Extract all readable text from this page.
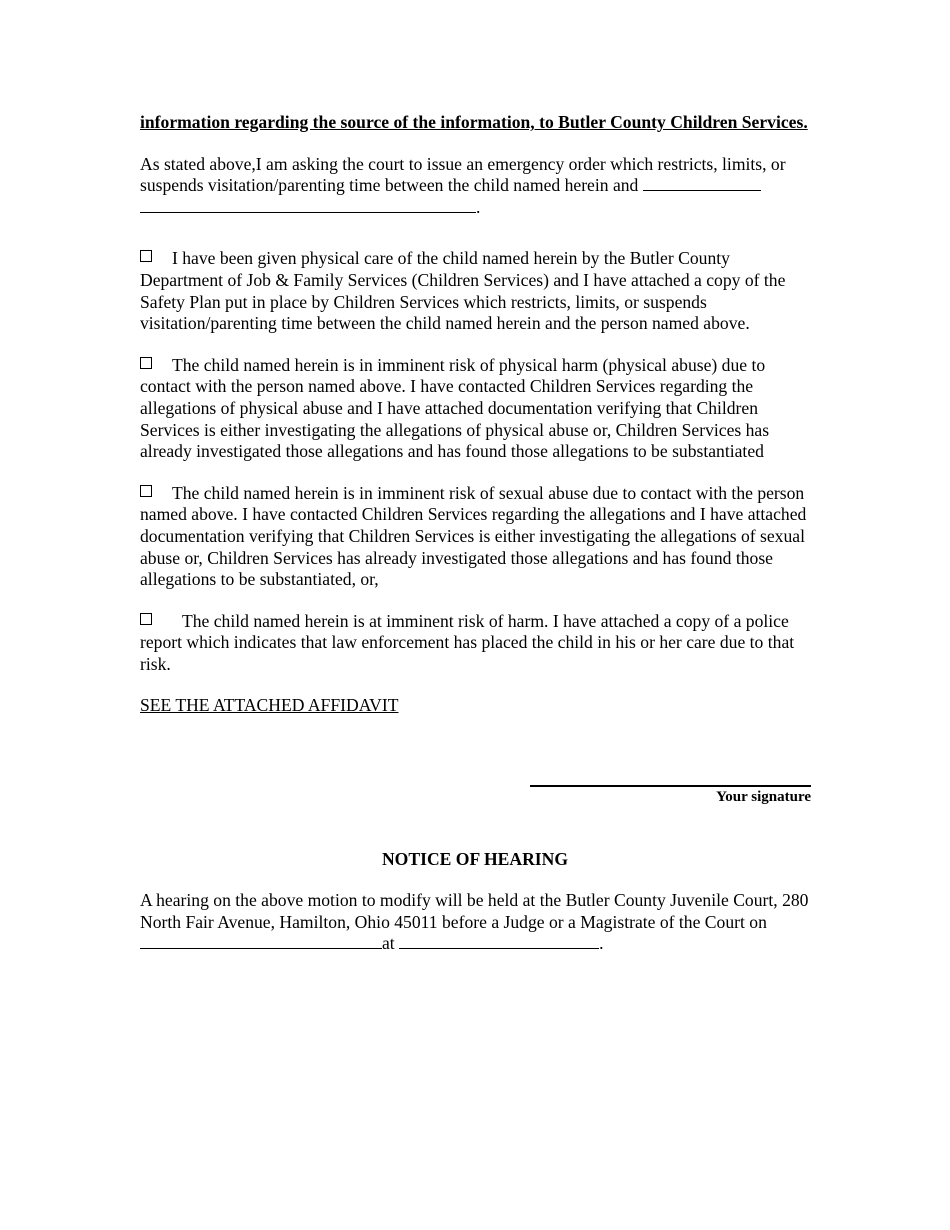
information regarding the source of the information, to Butler County Children Services.

As stated above,I am asking the court to issue an emergency order which restricts, limits, or suspends visitation/parenting time between the child named herein and
.

I have been given physical care of the child named herein by the Butler County Department of Job & Family Services (Children Services) and I have attached a copy of the Safety Plan put in place by Children Services which restricts, limits, or suspends visitation/parenting time between the child named herein and the person named above.

The child named herein is in imminent risk of physical harm (physical abuse) due to contact with the person named above. I have contacted Children Services regarding the allegations of physical abuse and I have attached documentation verifying that Children Services is either investigating the allegations of physical abuse or, Children Services has already investigated those allegations and has found those allegations to be substantiated

The child named herein is in imminent risk of sexual abuse due to contact with the person named above. I have contacted Children Services regarding the allegations and I have attached documentation verifying that Children Services is either investigating the allegations of sexual abuse or, Children Services has already investigated those allegations and has found those allegations to be substantiated, or,

The child named herein is at imminent risk of harm. I have attached a copy of a police report which indicates that law enforcement has placed the child in his or her care due to that risk.

SEE THE ATTACHED AFFIDAVIT

Your signature
NOTICE OF HEARING
A hearing on the above motion to modify will be held at the Butler County Juvenile Court, 280 North Fair Avenue, Hamilton, Ohio 45011 before a Judge or a Magistrate of the Court on at	.
